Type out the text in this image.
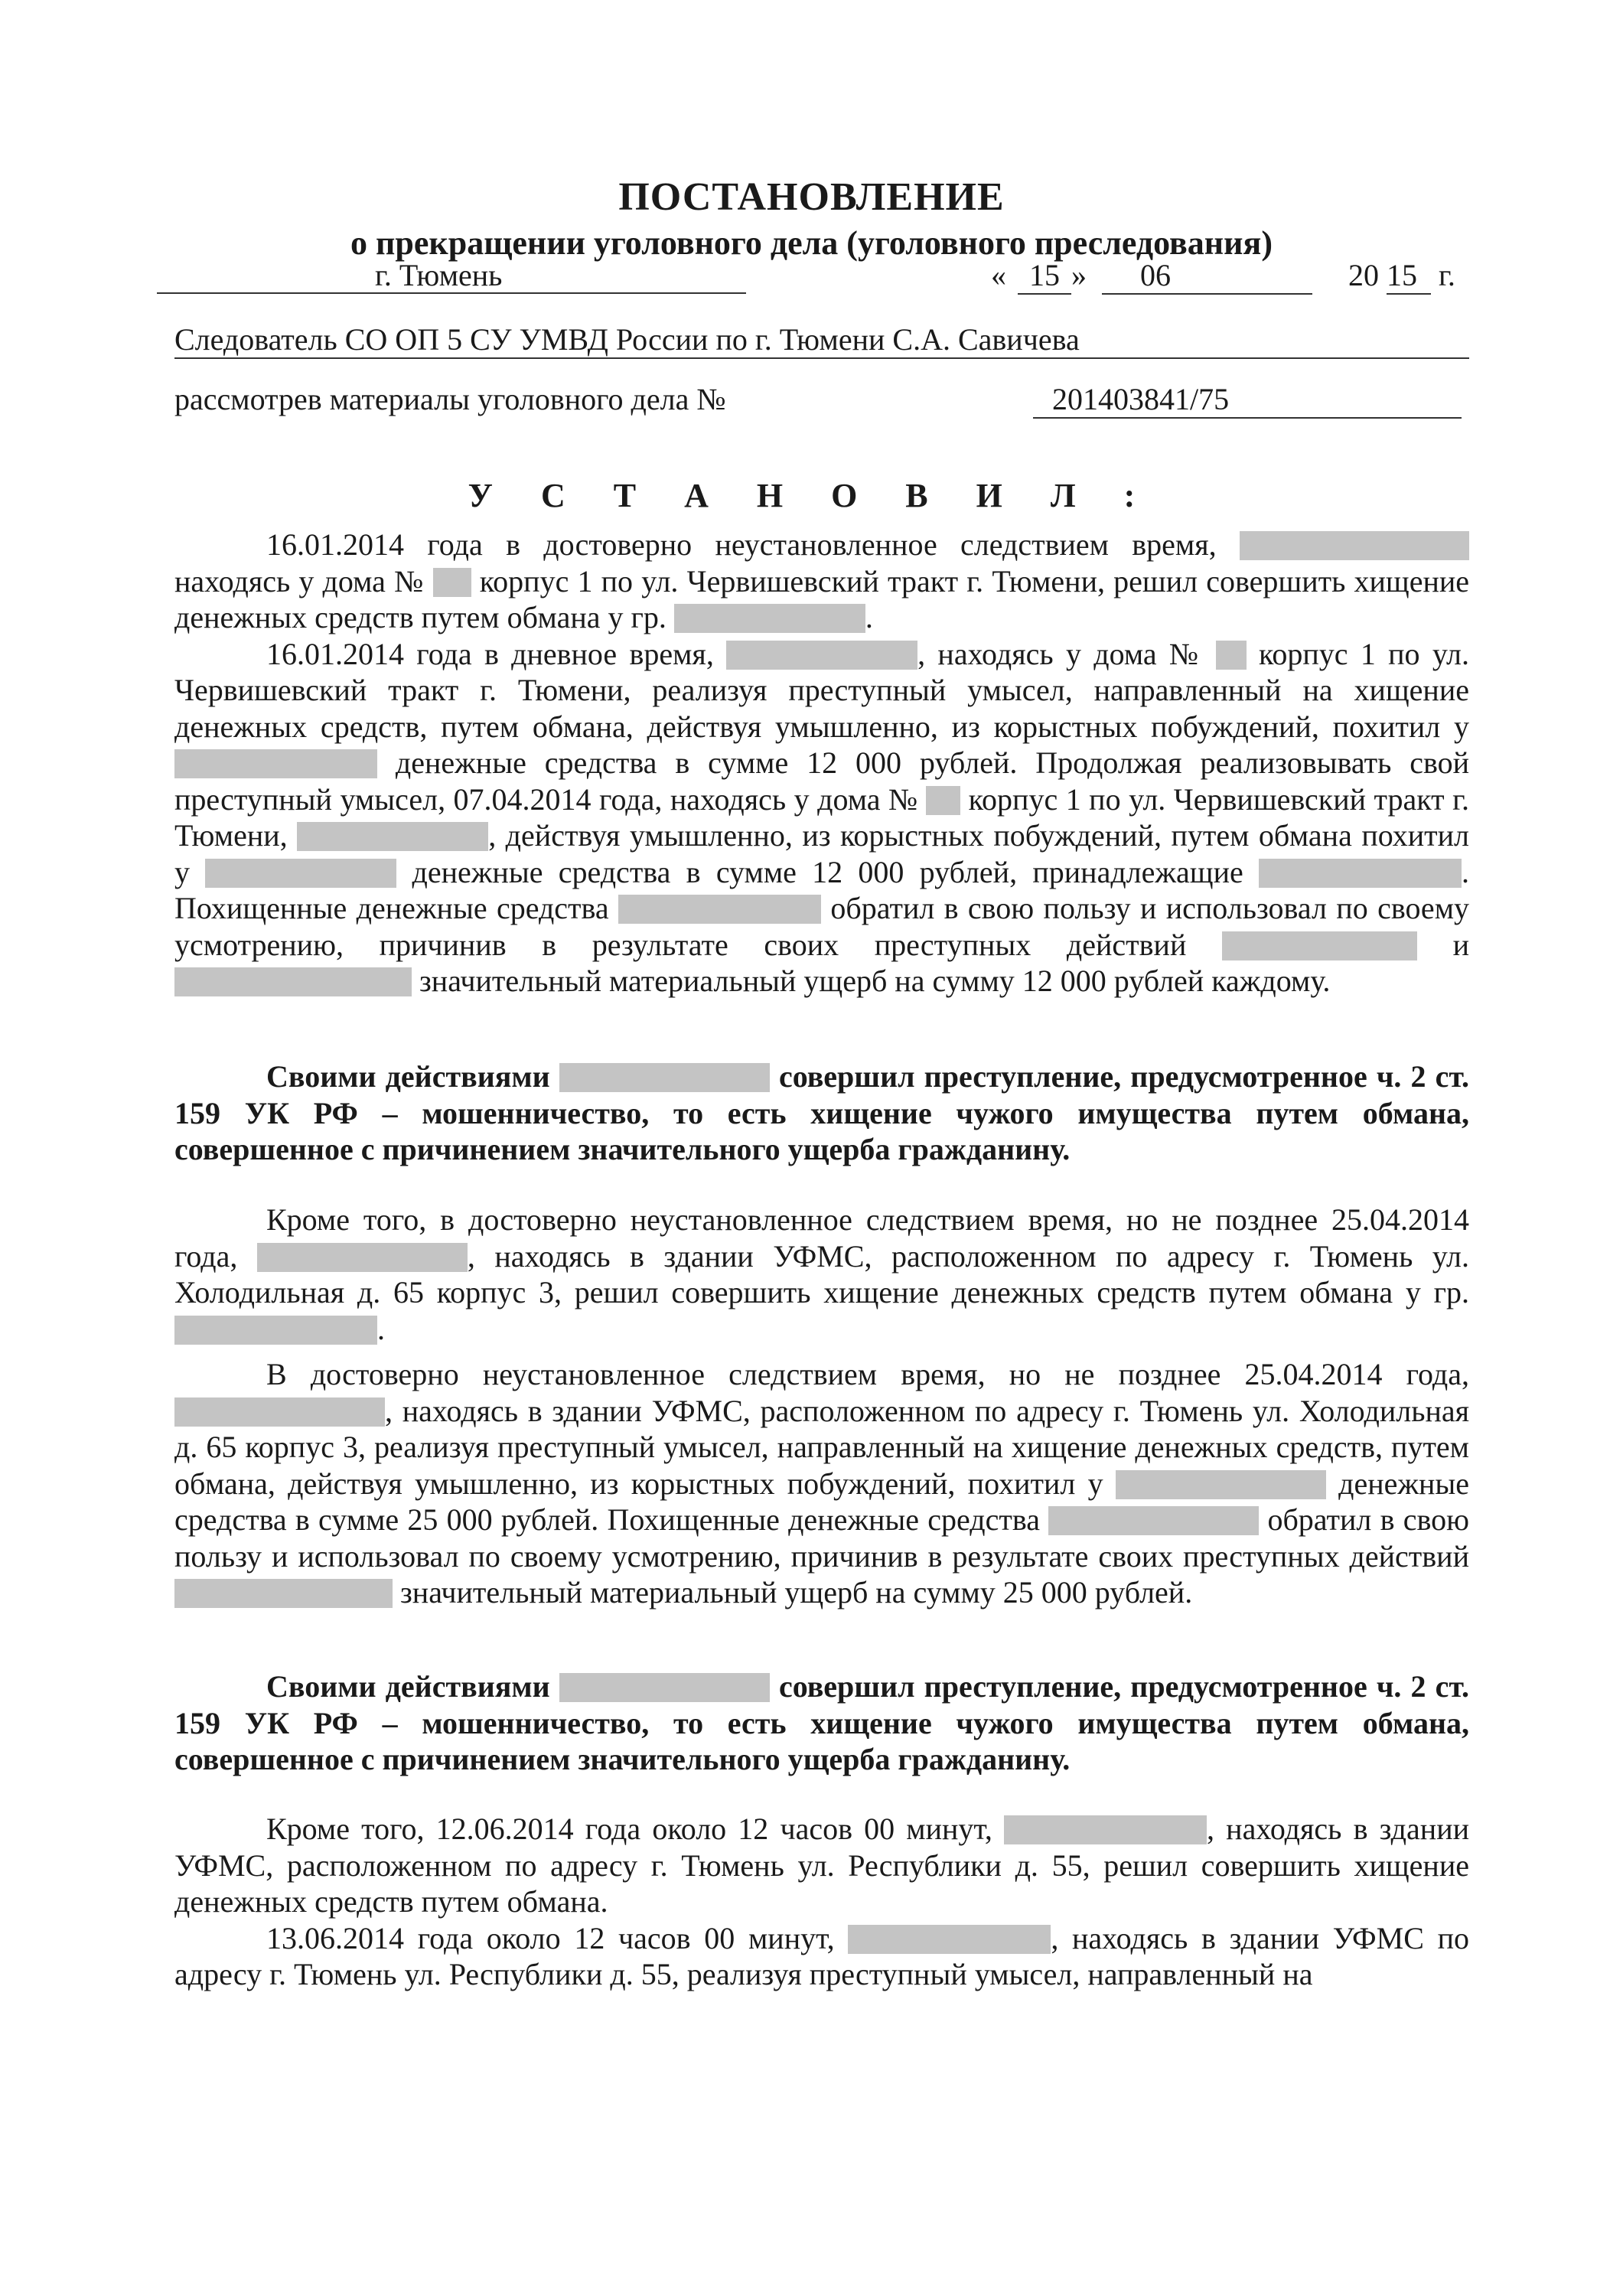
ПОСТАНОВЛЕНИЕ
о прекращении уголовного дела (уголовного преследования)
г. Тюмень	« 15 »	06	20 15 г.
Следователь СО ОП 5 СУ УМВД России по г. Тюмени С.А. Савичева
рассмотрев материалы уголовного дела №	201403841/75
У С Т А Н О В И Л :

16.01.2014 года в достоверно неустановленное следствием время,  находясь у дома № корпус 1 по ул. Червишевский тракт г. Тюмени, решил совершить хищение денежных средств путем обмана у гр.	.

16.01.2014 года в дневное время,	, находясь у дома № корпус 1 по ул. Червишевский тракт г. Тюмени, реализуя преступный умысел, направленный на хищение денежных средств, путем обмана, действуя умышленно, из корыстных побуждений, похитил у  денежные средства в сумме 12 000 рублей. Продолжая реализовывать свой преступный умысел, 07.04.2014 года, находясь у дома № корпус 1 по ул. Червишевский тракт г. Тюмени,	, действуя умышленно, из корыстных побуждений, путем обмана похитил у	денежные средства в сумме 12 000 рублей, принадлежащие	. Похищенные денежные средства	обратил в свою пользу и использовал по своему усмотрению, причинив в результате своих преступных действий	и  значительный материальный ущерб на сумму 12 000 рублей каждому.

Своими действиями	совершил преступление, предусмотренное ч. 2 ст. 159 УК РФ – мошенничество, то есть хищение чужого имущества путем обмана, совершенное с причинением значительного ущерба гражданину.

Кроме того, в достоверно неустановленное следствием время, но не позднее 25.04.2014 года,	, находясь в здании УФМС, расположенном по адресу г. Тюмень ул. Холодильная д. 65 корпус 3, решил совершить хищение денежных средств путем обмана у гр. .

В достоверно неустановленное следствием время, но не позднее 25.04.2014 года, , находясь в здании УФМС, расположенном по адресу г. Тюмень ул. Холодильная д. 65 корпус 3, реализуя преступный умысел, направленный на хищение денежных средств, путем обмана, действуя умышленно, из корыстных побуждений, похитил у	денежные средства в сумме 25 000 рублей. Похищенные денежные средства	обратил в свою пользу и использовал по своему усмотрению, причинив в результате своих преступных действий  значительный материальный ущерб на сумму 25 000 рублей.

Своими действиями	совершил преступление, предусмотренное ч. 2 ст. 159 УК РФ – мошенничество, то есть хищение чужого имущества путем обмана, совершенное с причинением значительного ущерба гражданину.

Кроме того, 12.06.2014 года около 12 часов 00 минут,	, находясь в здании УФМС, расположенном по адресу г. Тюмень ул. Республики д. 55, решил совершить хищение денежных средств путем обмана.

13.06.2014 года около 12 часов 00 минут,	, находясь в здании УФМС по адресу г. Тюмень ул. Республики д. 55, реализуя преступный умысел, направленный на
